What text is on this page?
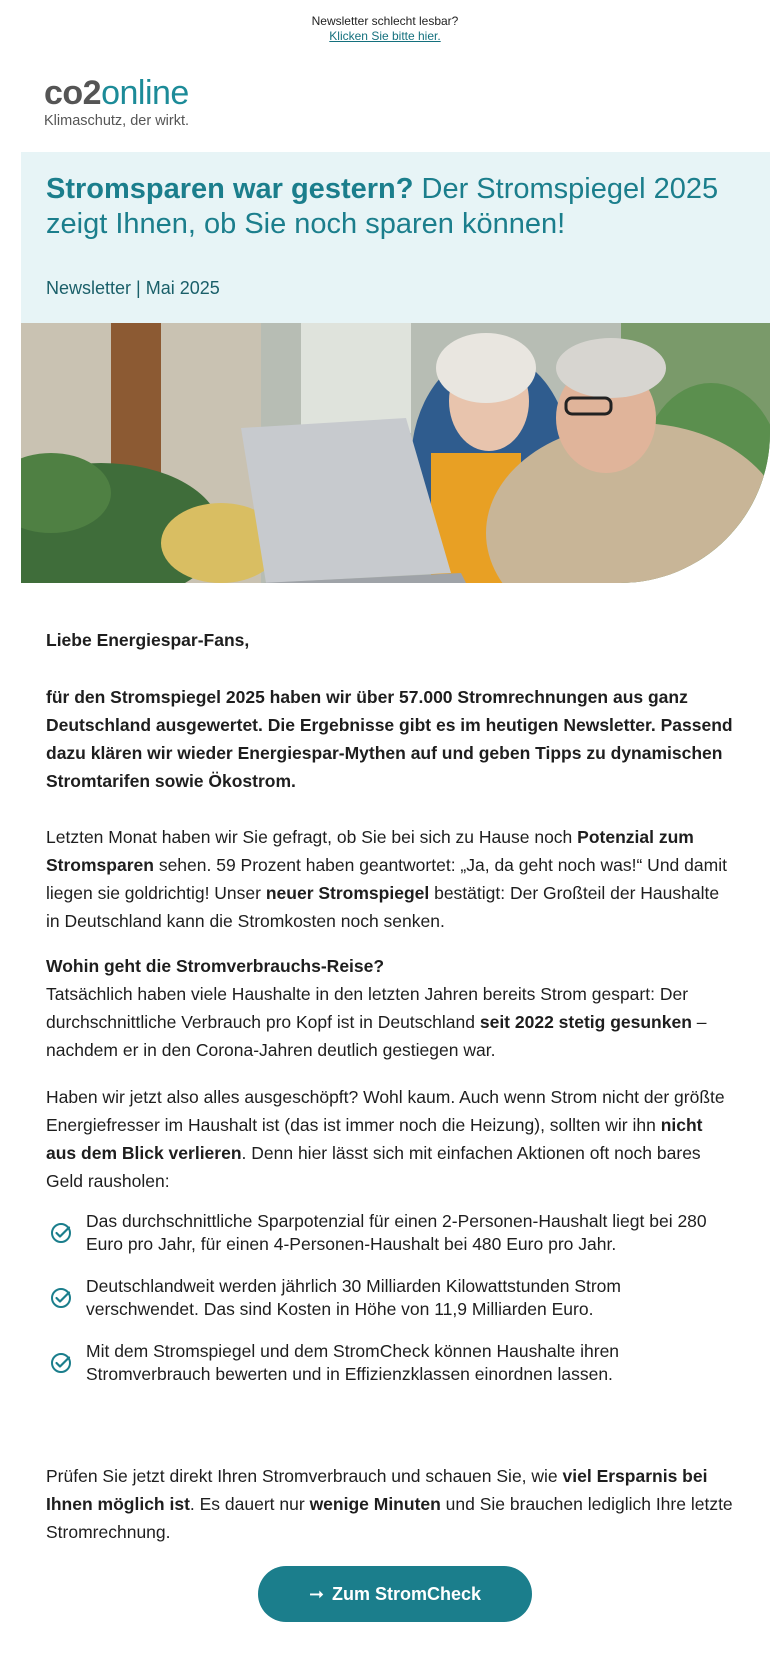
Newsletter schlecht lesbar?
Klicken Sie bitte hier.
co2online
Klimaschutz, der wirkt.
Stromsparen war gestern? Der Stromspiegel 2025 zeigt Ihnen, ob Sie noch sparen können!
Newsletter | Mai 2025

Liebe Energiespar-Fans,

für den Stromspiegel 2025 haben wir über 57.000 Stromrechnungen aus ganz Deutschland ausgewertet. Die Ergebnisse gibt es im heutigen Newsletter. Passend dazu klären wir wieder Energiespar-Mythen auf und geben Tipps zu dynamischen Stromtarifen sowie Ökostrom.

Letzten Monat haben wir Sie gefragt, ob Sie bei sich zu Hause noch Potenzial zum Stromsparen sehen. 59 Prozent haben geantwortet: „Ja, da geht noch was!“ Und damit liegen sie goldrichtig! Unser neuer Stromspiegel bestätigt: Der Großteil der Haushalte in Deutschland kann die Stromkosten noch senken.

Wohin geht die Stromverbrauchs-Reise?
Tatsächlich haben viele Haushalte in den letzten Jahren bereits Strom gespart: Der durchschnittliche Verbrauch pro Kopf ist in Deutschland seit 2022 stetig gesunken – nachdem er in den Corona-Jahren deutlich gestiegen war.

Haben wir jetzt also alles ausgeschöpft? Wohl kaum. Auch wenn Strom nicht der größte Energiefresser im Haushalt ist (das ist immer noch die Heizung), sollten wir ihn nicht aus dem Blick verlieren. Denn hier lässt sich mit einfachen Aktionen oft noch bares Geld rausholen:

Das durchschnittliche Sparpotenzial für einen 2-Personen-Haushalt liegt bei 280 Euro pro Jahr, für einen 4-Personen-Haushalt bei 480 Euro pro Jahr.
Deutschlandweit werden jährlich 30 Milliarden Kilowattstunden Strom verschwendet. Das sind Kosten in Höhe von 11,9 Milliarden Euro.
Mit dem Stromspiegel und dem StromCheck können Haushalte ihren Stromverbrauch bewerten und in Effizienzklassen einordnen lassen.

Prüfen Sie jetzt direkt Ihren Stromverbrauch und schauen Sie, wie viel Ersparnis bei Ihnen möglich ist. Es dauert nur wenige Minuten und Sie brauchen lediglich Ihre letzte Stromrechnung.

➞ Zum StromCheck
